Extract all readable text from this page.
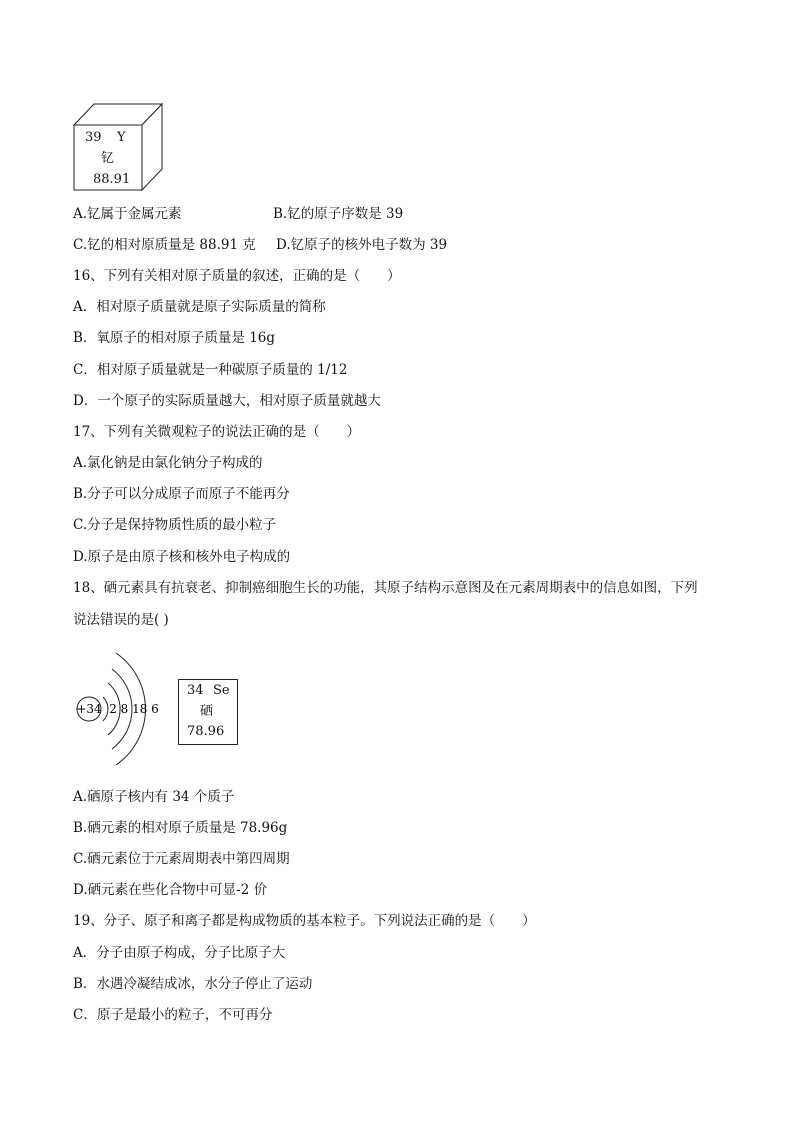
39 Y
钇
88.91
A.钇属于金属元素	B.钇的原子序数是 39
C.钇的相对原质量是 88.91 克 D.钇原子的核外电子数为 39
16、下列有关相对原子质量的叙述，正确的是（　　）
A．相对原子质量就是原子实际质量的简称
B．氧原子的相对原子质量是 16g
C．相对原子质量就是一种碳原子质量的 1/12
D．一个原子的实际质量越大，相对原子质量就越大
17、下列有关微观粒子的说法正确的是（　　）
A.氯化钠是由氯化钠分子构成的
B.分子可以分成原子而原子不能再分
C.分子是保持物质性质的最小粒子
D.原子是由原子核和核外电子构成的
18、硒元素具有抗衰老、抑制癌细胞生长的功能，其原子结构示意图及在元素周期表中的信息如图，下列
说法错误的是( )
+34 2 8 18 6
34 Se
硒
78.96
A.硒原子核内有 34 个质子
B.硒元素的相对原子质量是 78.96g
C.硒元素位于元素周期表中第四周期
D.硒元素在些化合物中可显-2 价
19、分子、原子和离子都是构成物质的基本粒子。下列说法正确的是（　　）
A．分子由原子构成，分子比原子大
B．水遇冷凝结成冰，水分子停止了运动
C．原子是最小的粒子，不可再分
